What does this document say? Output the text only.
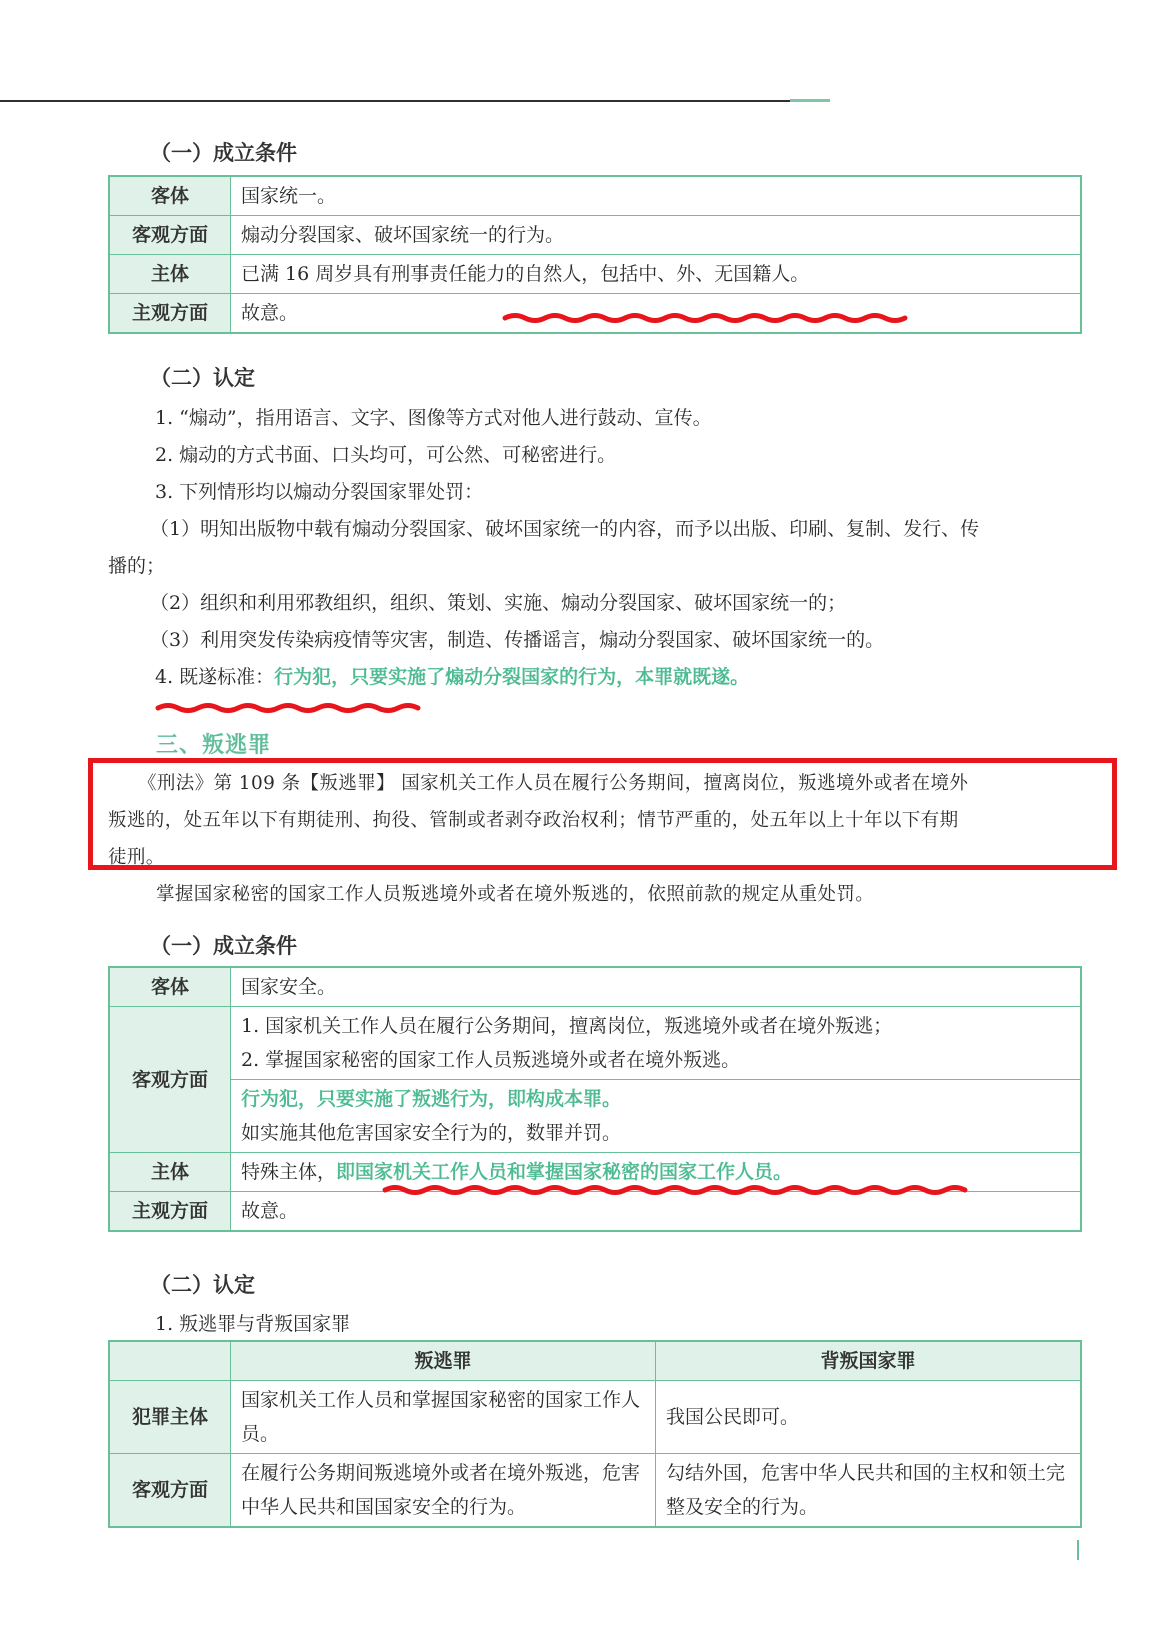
（一）成立条件
客体	国家统一。
客观方面	煽动分裂国家、破坏国家统一的行为。
主体	已满 16 周岁具有刑事责任能力的自然人，包括中、外、无国籍人。
主观方面	故意。
（二）认定
1. “煽动”，指用语言、文字、图像等方式对他人进行鼓动、宣传。
2. 煽动的方式书面、口头均可，可公然、可秘密进行。
3. 下列情形均以煽动分裂国家罪处罚：
（1）明知出版物中载有煽动分裂国家、破坏国家统一的内容，而予以出版、印刷、复制、发行、传
播的；
（2）组织和利用邪教组织，组织、策划、实施、煽动分裂国家、破坏国家统一的；
（3）利用突发传染病疫情等灾害，制造、传播谣言，煽动分裂国家、破坏国家统一的。
4. 既遂标准：行为犯，只要实施了煽动分裂国家的行为，本罪就既遂。
三、叛逃罪
《刑法》第 109 条【叛逃罪】 国家机关工作人员在履行公务期间，擅离岗位，叛逃境外或者在境外
叛逃的，处五年以下有期徒刑、拘役、管制或者剥夺政治权利；情节严重的，处五年以上十年以下有期
徒刑。
掌握国家秘密的国家工作人员叛逃境外或者在境外叛逃的，依照前款的规定从重处罚。
（一）成立条件
客体	国家安全。
客观方面	1. 国家机关工作人员在履行公务期间，擅离岗位，叛逃境外或者在境外叛逃；
2. 掌握国家秘密的国家工作人员叛逃境外或者在境外叛逃。

	行为犯，只要实施了叛逃行为，即构成本罪。
如实施其他危害国家安全行为的，数罪并罚。

主体	特殊主体，即国家机关工作人员和掌握国家秘密的国家工作人员。
主观方面	故意。
（二）认定
1. 叛逃罪与背叛国家罪
	叛逃罪	背叛国家罪
犯罪主体	国家机关工作人员和掌握国家秘密的国家工作人员。	我国公民即可。
客观方面	在履行公务期间叛逃境外或者在境外叛逃，危害中华人民共和国国家安全的行为。	勾结外国，危害中华人民共和国的主权和领土完整及安全的行为。
